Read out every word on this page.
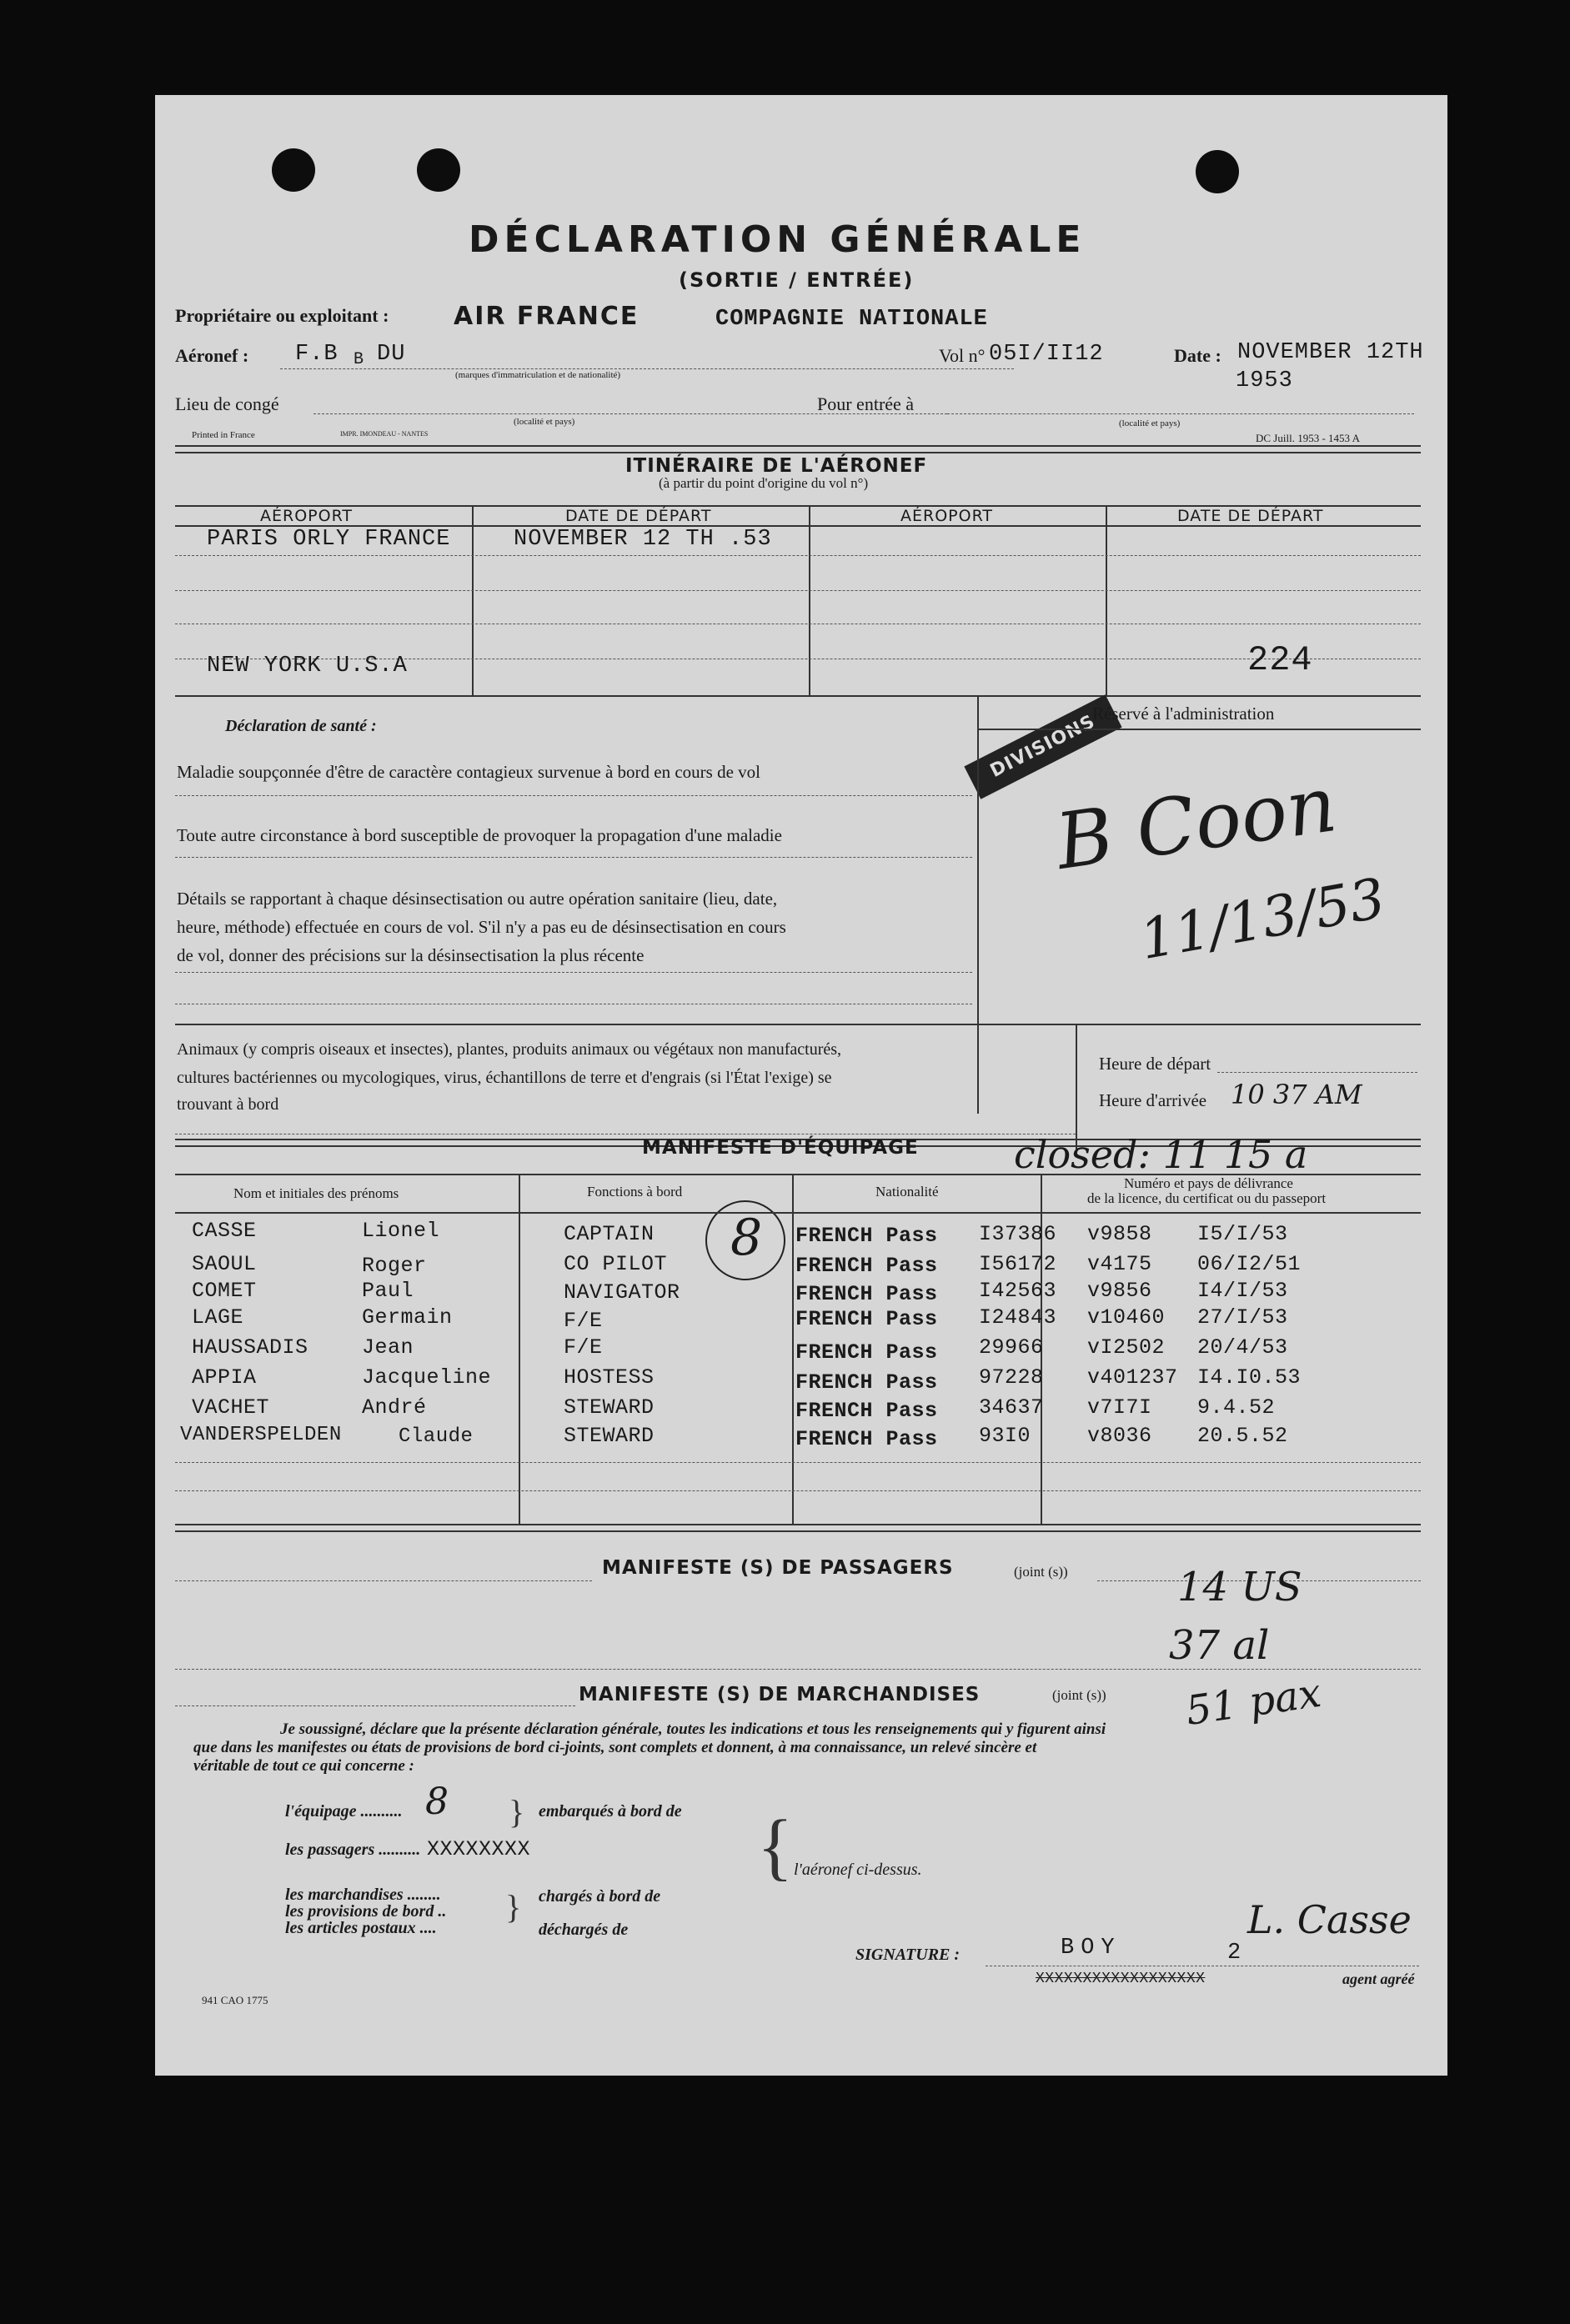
DÉCLARATION GÉNÉRALE
(SORTIE / ENTRÉE)
Propriétaire ou exploitant :	AIR FRANCE	COMPAGNIE NATIONALE
Aéronef : F.B B DU
(marques d'immatriculation et de nationalité)
Vol n° 05I/II12	Date : NOVEMBER 12TH
1953
Lieu de congé
(localité et pays)
Pour entrée à
(localité et pays)
Printed in France	IMPR. IMONDEAU - NANTES	DC Juill. 1953 - 1453 A
ITINÉRAIRE DE L'AÉRONEF
(à partir du point d'origine du vol n°)
AÉROPORT	DATE DE DÉPART	AÉROPORT	DATE DE DÉPART
PARIS ORLY FRANCE	NOVEMBER 12 TH .53
NEW YORK U.S.A	224
DIVISIONS
Réservé à l'administration
B Coon
11/13/53
Déclaration de santé :
Maladie soupçonnée d'être de caractère contagieux survenue à bord en cours de vol
Toute autre circonstance à bord susceptible de provoquer la propagation d'une maladie
Détails se rapportant à chaque désinsectisation ou autre opération sanitaire (lieu, date,
heure, méthode) effectuée en cours de vol. S'il n'y a pas eu de désinsectisation en cours
de vol, donner des précisions sur la désinsectisation la plus récente
Animaux (y compris oiseaux et insectes), plantes, produits animaux ou végétaux non manufacturés,
cultures bactériennes ou mycologiques, virus, échantillons de terre et d'engrais (si l'État l'exige) se
trouvant à bord
Heure de départ
Heure d'arrivée 10 37 AM
8
MANIFESTE D'ÉQUIPAGE closed: 11 15 a
Nom et initiales des prénoms	Fonctions à bord	Nationalité
Numéro et pays de délivrance
de la licence, du certificat ou du passeport
CASSE	Lionel	CAPTAIN	FRENCH Pass I37386 v9858 I5/I/53
SAOUL	Roger	CO PILOT	FRENCH Pass I56172 v4175 06/I2/51
COMET	Paul	NAVIGATOR	FRENCH Pass I42563 v9856 I4/I/53
LAGE	Germain	F/E	FRENCH Pass I24843 v10460 27/I/53
HAUSSADIS	Jean	F/E	FRENCH Pass 29966 vI2502 20/4/53
APPIA	Jacqueline	HOSTESS	FRENCH Pass 97228 v401237 I4.I0.53
VACHET	André	STEWARD	FRENCH Pass 34637 v7I7I 9.4.52
VANDERSPELDEN	Claude	STEWARD	FRENCH Pass 93I0	v8036 20.5.52
MANIFESTE (S) DE PASSAGERS	(joint (s))	14 US
37 al
MANIFESTE (S) DE MARCHANDISES	(joint (s)) 51 pax
Je soussigné, déclare que la présente déclaration générale, toutes les indications et tous les renseignements qui y figurent ainsi
que dans les manifestes ou états de provisions de bord ci-joints, sont complets et donnent, à ma connaissance, un relevé sincère et
véritable de tout ce qui concerne :
l'équipage .......... 8 } embarqués à bord de
les passagers .......... XXXXXXXX	{ l'aéronef ci-dessus.
les marchandises ........
les provisions de bord ..
les articles postaux ....
} chargés à bord de
déchargés de
SIGNATURE :	BOY	2
L. Casse
XXXXXXXXXXXXXXXXXX	agent agréé
941 CAO 1775
